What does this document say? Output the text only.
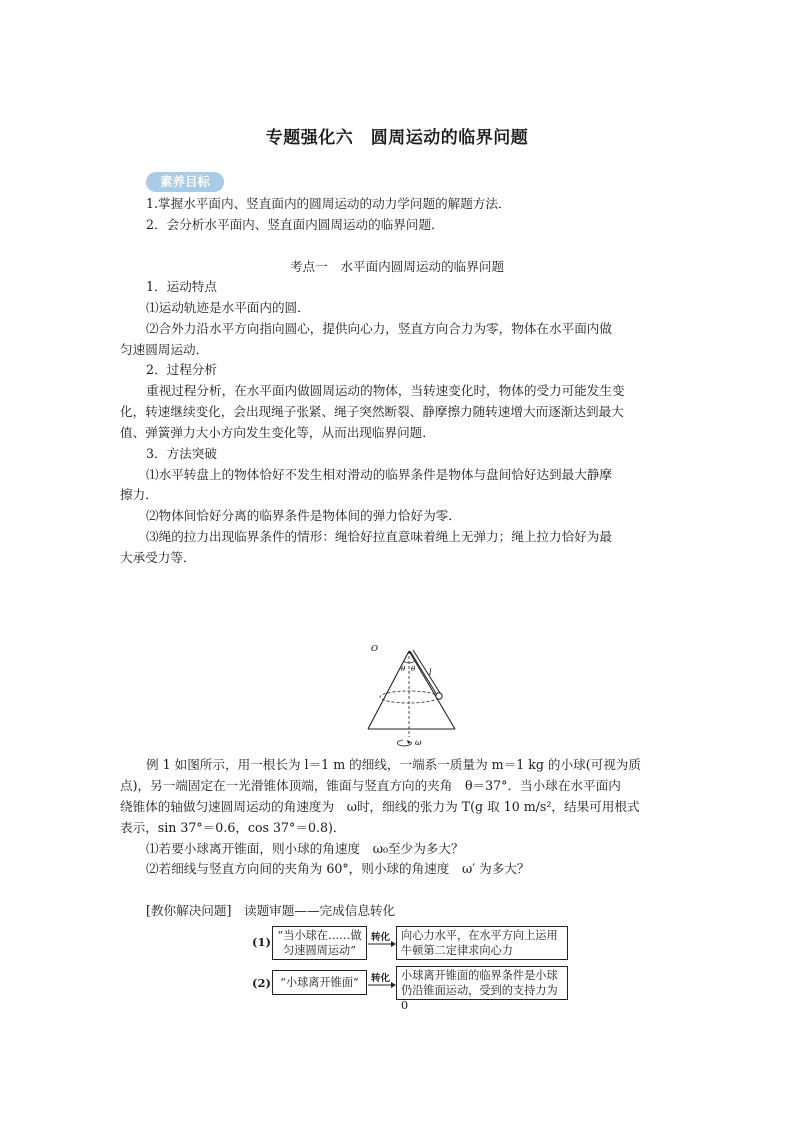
专题强化六　圆周运动的临界问题
素养目标
1.掌握水平面内、竖直面内的圆周运动的动力学问题的解题方法．
2．会分析水平面内、竖直面内圆周运动的临界问题．
考点一　水平面内圆周运动的临界问题
1．运动特点
⑴运动轨迹是水平面内的圆．
⑵合外力沿水平方向指向圆心，提供向心力，竖直方向合力为零，物体在水平面内做
匀速圆周运动．
2．过程分析
重视过程分析，在水平面内做圆周运动的物体，当转速变化时，物体的受力可能发生变
化，转速继续变化，会出现绳子张紧、绳子突然断裂、静摩擦力随转速增大而逐渐达到最大
值、弹簧弹力大小方向发生变化等，从而出现临界问题．
3．方法突破
⑴水平转盘上的物体恰好不发生相对滑动的临界条件是物体与盘间恰好达到最大静摩
擦力．
⑵物体间恰好分离的临界条件是物体间的弹力恰好为零．
⑶绳的拉力出现临界条件的情形：绳恰好拉直意味着绳上无弹力；绳上拉力恰好为最
大承受力等．
O
θ θ l
ω
例 1 如图所示，用一根长为 l＝1 m 的细线，一端系一质量为 m＝1 kg 的小球(可视为质
点)，另一端固定在一光滑锥体顶端，锥面与竖直方向的夹角　θ＝37°．当小球在水平面内
绕锥体的轴做匀速圆周运动的角速度为　ω时，细线的张力为 T(g 取 10 m/s²，结果可用根式
表示，sin 37°＝0.6，cos 37°＝0.8)．
⑴若要小球离开锥面，则小球的角速度　ω₀至少为多大？
⑵若细线与竖直方向间的夹角为 60°，则小球的角速度　ω′ 为多大？
[教你解决问题]　读题审题——完成信息转化
(1) “当小球在……做
匀速圆周运动”
转化 向心力水平，在水平方向上运用
牛顿第二定律求向心力
(2) “小球离开锥面”	转化 小球离开锥面的临界条件是小球
仍沿锥面运动，受到的支持力为0
